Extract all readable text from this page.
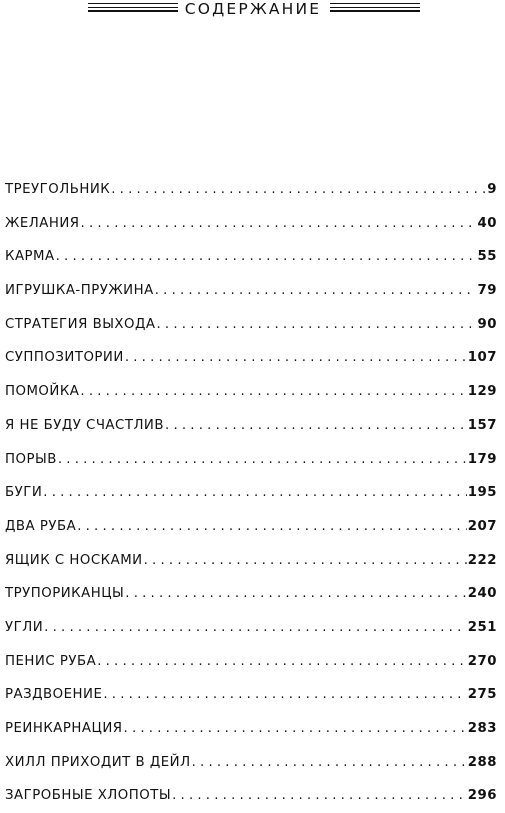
СОДЕРЖАНИЕ
ТРЕУГОЛЬНИК .....	9
ЖЕЛАНИЯ .....	40
КАРМА .....	55
ИГРУШКА-ПРУЖИНА .....	79
СТРАТЕГИЯ ВЫХОДА .....	90
СУППОЗИТОРИИ .....	107
ПОМОЙКА .....	129
Я НЕ БУДУ СЧАСТЛИВ .....	157
ПОРЫВ .....	179
БУГИ .....	195
ДВА РУБА .....	207
ЯЩИК С НОСКАМИ .....	222
ТРУПОРИКАНЦЫ .....	240
УГЛИ .....	251
ПЕНИС РУБА .....	270
РАЗДВОЕНИЕ .....	275
РЕИНКАРНАЦИЯ .....	283
ХИЛЛ ПРИХОДИТ В ДЕЙЛ .....	288
ЗАГРОБНЫЕ ХЛОПОТЫ .....	296
